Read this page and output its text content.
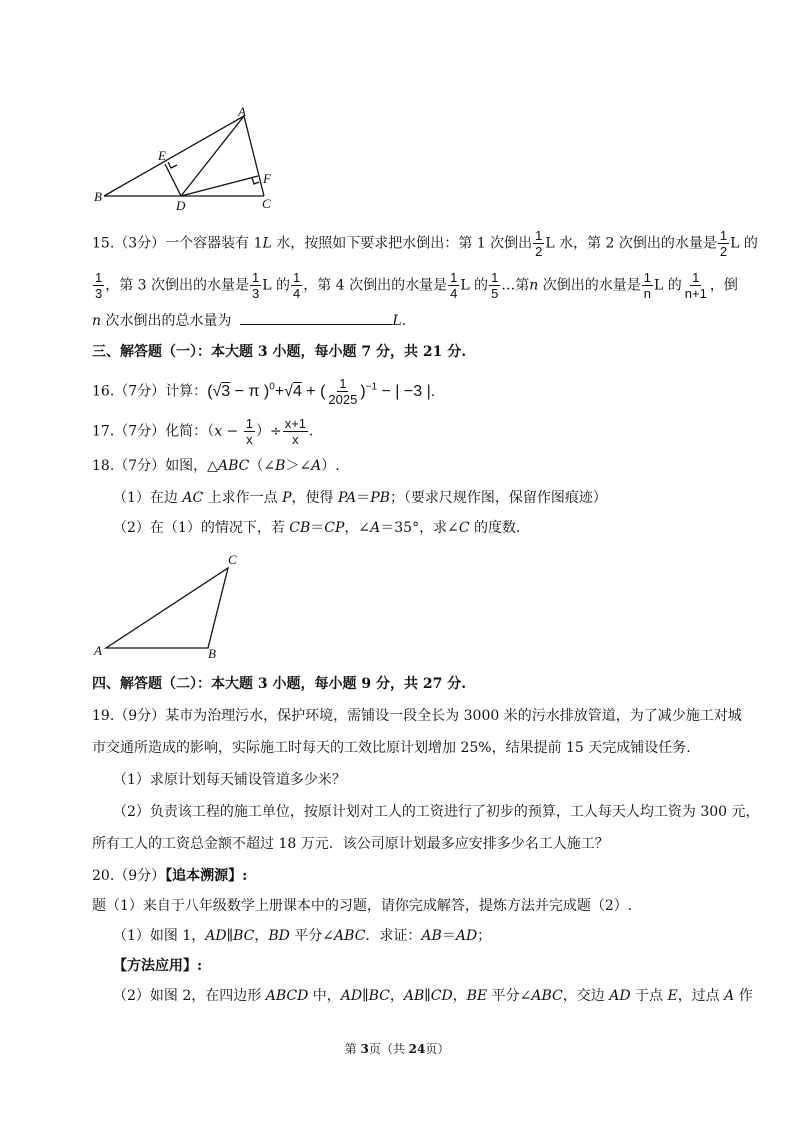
A
E
F
B
D	C
15.（3分）一个容器装有 1L 水，按照如下要求把水倒出：第 1 次倒出 $\frac{1}{2}$ L 水，第 2 次倒出的水量是 $\frac{1}{2}$ L 的
$\frac{1}{3}$ ，第 3 次倒出的水量是 $\frac{1}{3}$ L 的 $\frac{1}{4}$ ，第 4 次倒出的水量是 $\frac{1}{4}$ L 的 $\frac{1}{5}$ …第n 次倒出的水量是 $\frac{1}{n}$ L 的 $\frac{1}{n+1}$ ，倒
n 次水倒出的总水量为	L.
三、解答题（一）：本大题 3 小题，每小题 7 分，共 21 分.
16.（7分）计算：(√3 − π )$^0$+√4 + ( $\frac{1}{2025} )^{-1}$ − | −3 |.
17.（7分）化简：（$x - \frac{1}{x}$ ）÷ $\frac{x+1}{x}$ .
18.（7分）如图，△ABC（∠B＞∠A）.
（1）在边 AC 上求作一点 P，使得 PA＝PB；（要求尺规作图，保留作图痕迹）
（2）在（1）的情况下，若 CB＝CP，∠A＝35°，求∠C 的度数.
C
A	B
四、解答题（二）：本大题 3 小题，每小题 9 分，共 27 分.
19.（9分）某市为治理污水，保护环境，需铺设一段全长为 3000 米的污水排放管道，为了减少施工对城
市交通所造成的影响，实际施工时每天的工效比原计划增加 25%，结果提前 15 天完成铺设任务.
（1）求原计划每天铺设管道多少米？
（2）负责该工程的施工单位，按原计划对工人的工资进行了初步的预算，工人每天人均工资为 300 元，
所有工人的工资总金额不超过 18 万元．该公司原计划最多应安排多少名工人施工？
20.（9分）【追本溯源】:
题（1）来自于八年级数学上册课本中的习题，请你完成解答，提炼方法并完成题（2）.
（1）如图 1，AD∥BC，BD 平分∠ABC．求证：AB＝AD；
【方法应用】:
（2）如图 2，在四边形 ABCD 中，AD∥BC，AB∥CD，BE 平分∠ABC，交边 AD 于点 E，过点 A 作
第 3页（共 24页）
